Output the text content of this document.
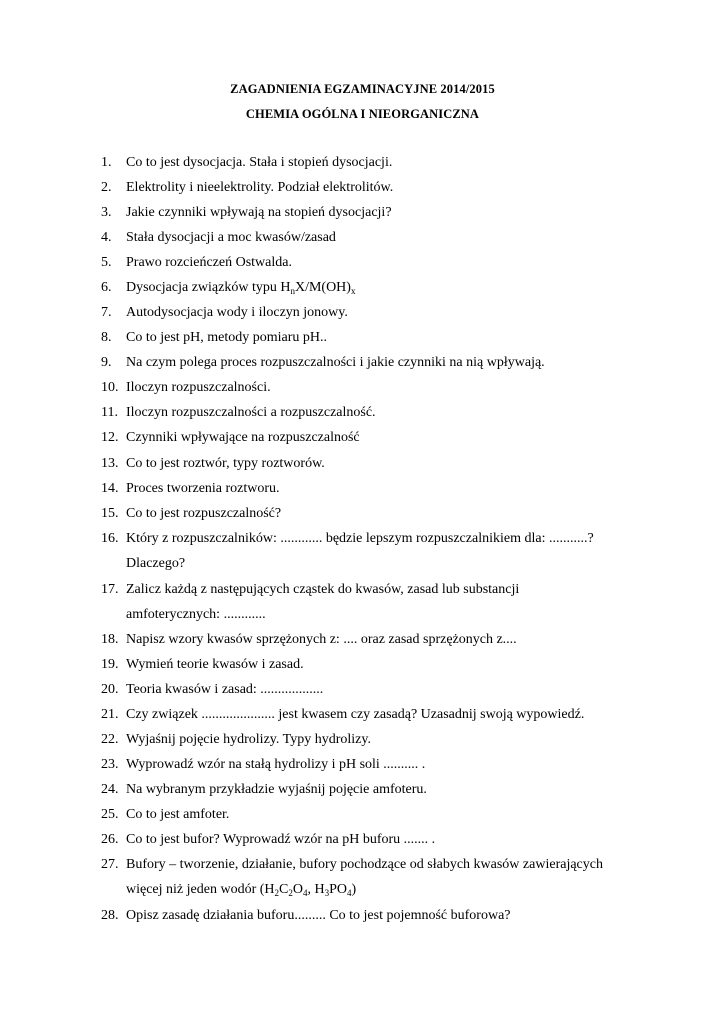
ZAGADNIENIA EGZAMINACYJNE 2014/2015
CHEMIA OGÓLNA I NIEORGANICZNA
1. Co to jest dysocjacja. Stała i stopień dysocjacji.
2. Elektrolity i nieelektrolity. Podział elektrolitów.
3. Jakie czynniki wpływają na stopień dysocjacji?
4. Stała dysocjacji a moc kwasów/zasad
5. Prawo rozcieńczeń Ostwalda.
6. Dysocjacja związków typu $H_nX/M(OH)_x$
7. Autodysocjacja wody i iloczyn jonowy.
8. Co to jest pH, metody pomiaru pH..
9. Na czym polega proces rozpuszczalności i jakie czynniki na nią wpływają.
10. Iloczyn rozpuszczalności.
11. Iloczyn rozpuszczalności a rozpuszczalność.
12. Czynniki wpływające na rozpuszczalność
13. Co to jest roztwór, typy roztworów.
14. Proces tworzenia roztworu.
15. Co to jest rozpuszczalność?
16. Który z rozpuszczalników: ............ będzie lepszym rozpuszczalnikiem dla: ...........?
Dlaczego?
17. Zalicz każdą z następujących cząstek do kwasów, zasad lub substancji
amfoterycznych: ............
18. Napisz wzory kwasów sprzężonych z: .... oraz zasad sprzężonych z....
19. Wymień teorie kwasów i zasad.
20. Teoria kwasów i zasad: ..................
21. Czy związek ..................... jest kwasem czy zasadą? Uzasadnij swoją wypowiedź.
22. Wyjaśnij pojęcie hydrolizy. Typy hydrolizy.
23. Wyprowadź wzór na stałą hydrolizy i pH soli .......... .
24. Na wybranym przykładzie wyjaśnij pojęcie amfoteru.
25. Co to jest amfoter.
26. Co to jest bufor? Wyprowadź wzór na pH buforu ....... .
27. Bufory – tworzenie, działanie, bufory pochodzące od słabych kwasów zawierających
więcej niż jeden wodór ($H_2C_2O_4$, $H_3PO_4$)
28. Opisz zasadę działania buforu......... Co to jest pojemność buforowa?
